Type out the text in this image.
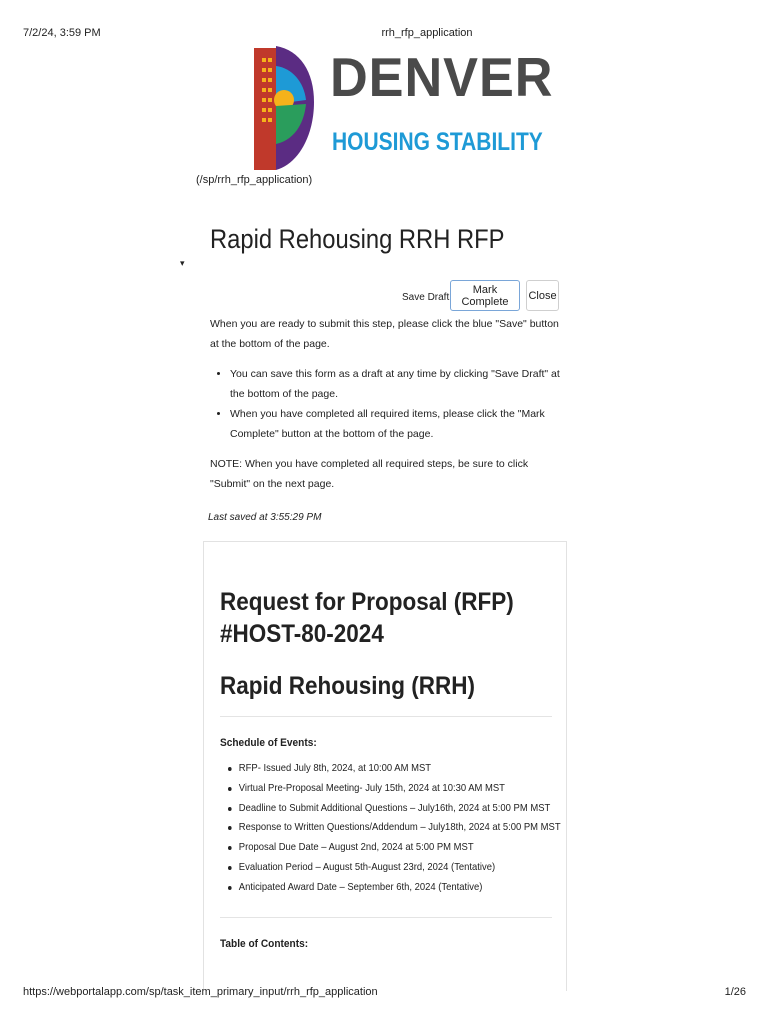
7/2/24, 3:59 PM	rrh_rfp_application
DENVER
HOUSING STABILITY
(/sp/rrh_rfp_application)
Rapid Rehousing RRH RFP ▾
Save Draft
Mark Complete	Close

When you are ready to submit this step, please click the blue "Save" button at the bottom of the page.

• You can save this form as a draft at any time by clicking "Save Draft" at the bottom of the page.
• When you have completed all required items, please click the "Mark Complete" button at the bottom of the page.

NOTE: When you have completed all required steps, be sure to click "Submit" on the next page.

Last saved at 3:55:29 PM
Request for Proposal (RFP) #HOST-80-2024
Rapid Rehousing (RRH)
Schedule of Events:
RFP- Issued July 8th, 2024, at 10:00 AM MST
Virtual Pre-Proposal Meeting- July 15th, 2024 at 10:30 AM MST
Deadline to Submit Additional Questions – July16th, 2024 at 5:00 PM MST
Response to Written Questions/Addendum – July18th, 2024 at 5:00 PM MST
Proposal Due Date – August 2nd, 2024 at 5:00 PM MST
Evaluation Period – August 5th-August 23rd, 2024 (Tentative)
Anticipated Award Date – September 6th, 2024 (Tentative)
Table of Contents:
https://webportalapp.com/sp/task_item_primary_input/rrh_rfp_application	1/26
